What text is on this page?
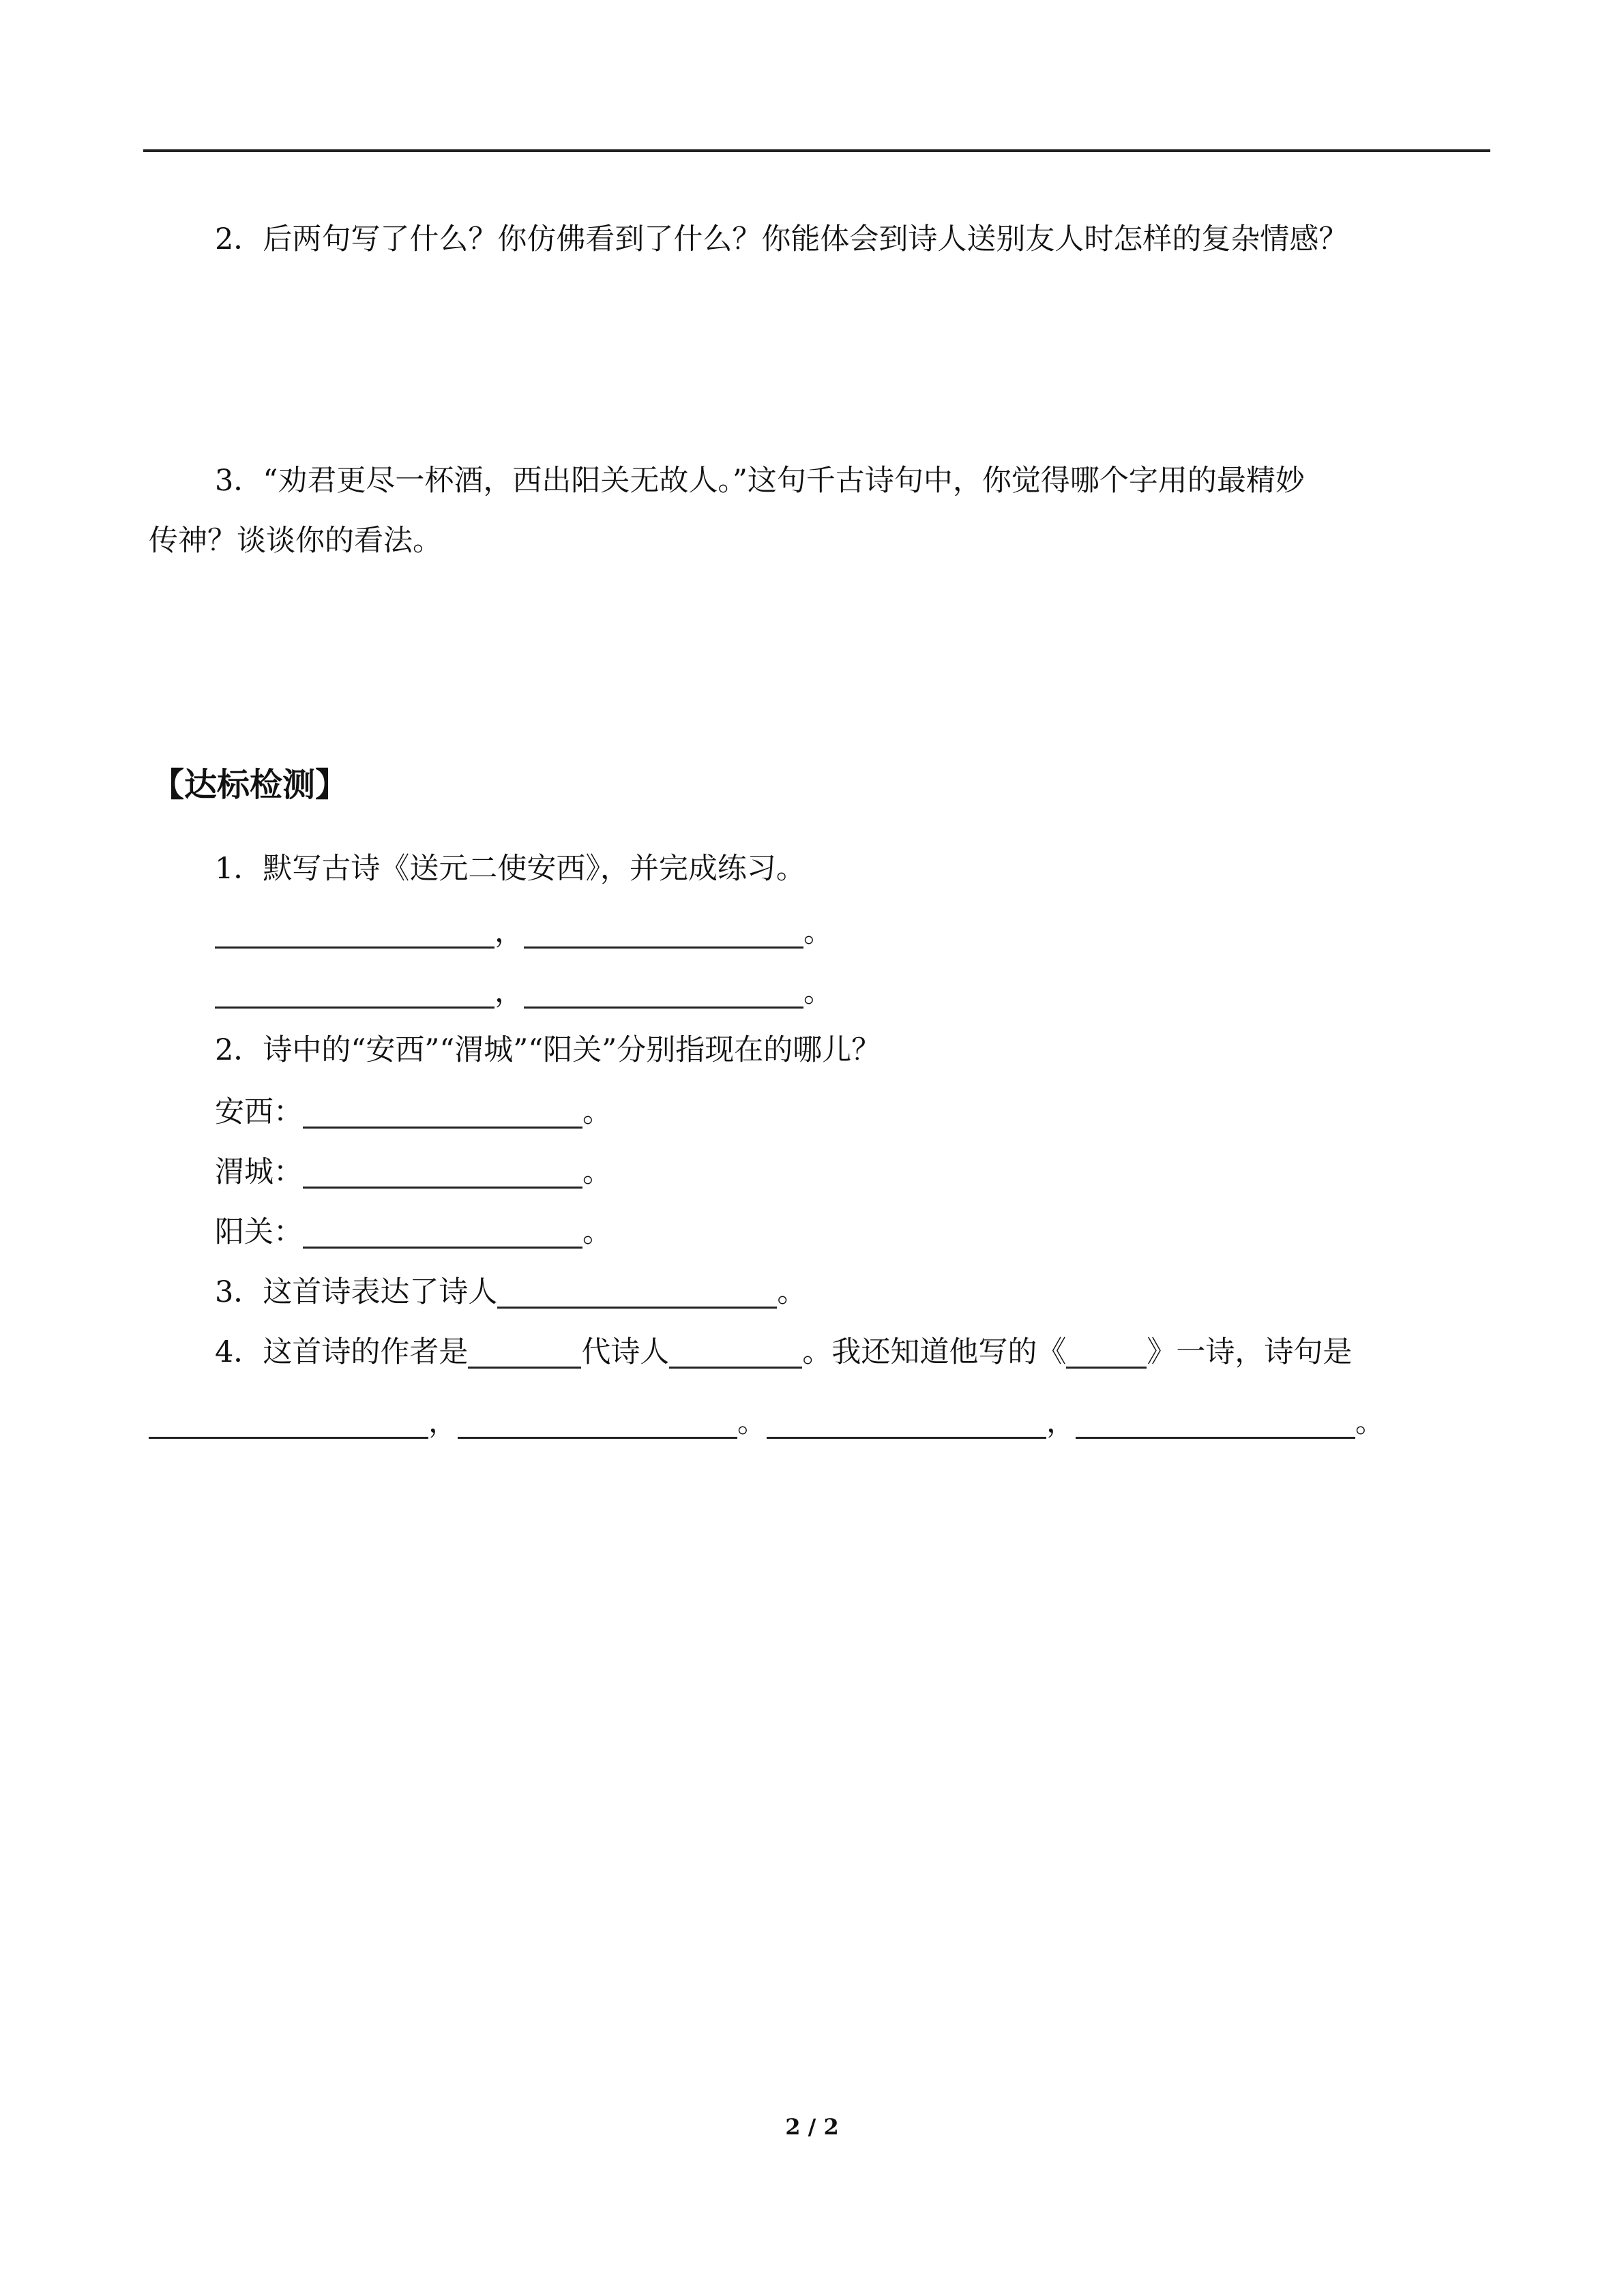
2．后两句写了什么？你仿佛看到了什么？你能体会到诗人送别友人时怎样的复杂情感？
3．“劝君更尽一杯酒，西出阳关无故人。”这句千古诗句中，你觉得哪个字用的最精妙
传神？谈谈你的看法。
【达标检测】
1．默写古诗《送元二使安西》，并完成练习。
，	。
，	。
2．诗中的“安西”“渭城”“阳关”分别指现在的哪儿？
安西：	。
渭城：	。
阳关：	。
3．这首诗表达了诗人	。
4．这首诗的作者是	代诗人	。我还知道他写的《	》一诗，诗句是
，	。	，	。
2 / 2
